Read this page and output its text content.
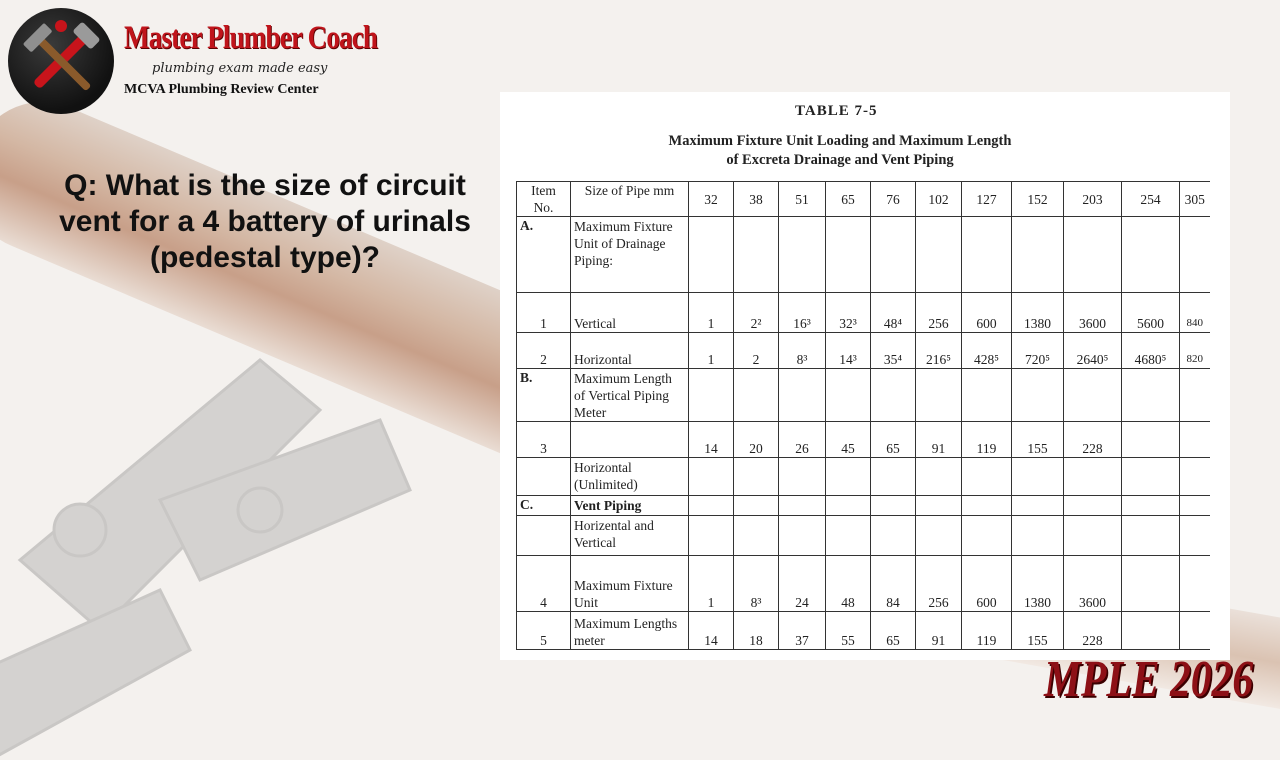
Master Plumber Coach
plumbing exam made easy
MCVA Plumbing Review Center
Q: What is the size of circuit vent for a 4 battery of urinals (pedestal type)?
TABLE 7-5
Maximum Fixture Unit Loading and Maximum Length
of Excreta Drainage and Vent Piping
Item No.	Size of Pipe mm	32	38	51	65	76	102	127	152	203	254	305
A.	Maximum Fixture Unit of Drainage Piping:											
1	Vertical	1	2²	16³	32³	48⁴	256	600	1380	3600	5600	840
2	Horizontal	1	2	8³	14³	35⁴	216⁵	428⁵	720⁵	2640⁵	4680⁵	820
B.	Maximum Length of Vertical Piping Meter											
3		14	20	26	45	65	91	119	155	228		
	Horizontal (Unlimited)											
C.	Vent Piping											
	Horizental and Vertical											
4	Maximum Fixture Unit	1	8³	24	48	84	256	600	1380	3600		
5	Maximum Lengths meter	14	18	37	55	65	91	119	155	228		
MPLE 2026
